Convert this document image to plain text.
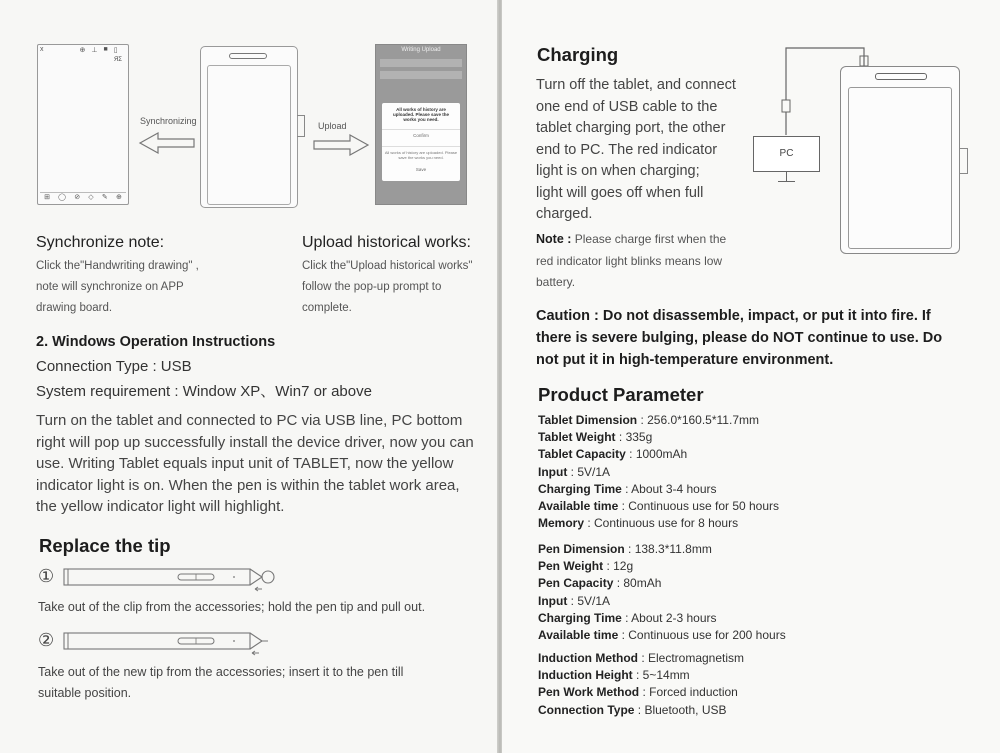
x	⊕ ⊥ ■ ▯
ЯΣ
⊞ ◯ ⊘ ◇ ✎ ⊕
Synchronizing	Upload
Writing Upload
All works of history are
uploaded. Please save the
works you need.
Confirm
All works of history are uploaded. Please
save the works you need.
Save
Synchronize note:
Click the"Handwriting drawing" ,
note will synchronize on APP
drawing board.
Upload historical works:
Click the"Upload historical works"
follow the pop-up prompt to
complete.
2. Windows Operation Instructions
Connection Type : USB
System requirement : Window XP、Win7 or above
Turn on the tablet and connected to PC via USB line, PC bottom
right will pop up successfully install the device driver, now you can
use. Writing Tablet equals input unit of TABLET, now the yellow
indicator light is on. When the pen is within the tablet work area,
the yellow indicator light will highlight.
Replace the tip
①
Take out of the clip from the accessories; hold the pen tip and pull out.
②
Take out of the new tip from the accessories; insert it to the pen till
suitable position.
Charging
Turn off the tablet, and connect
one end of USB cable to the
tablet charging port, the other
end to PC. The red indicator
light is on when charging;
light will goes off when full
charged.
PC
Note : Please charge first when the
red indicator light blinks means low
battery.
Caution : Do not disassemble, impact, or put it into fire. If
there is severe bulging, please do NOT continue to use. Do
not put it in high-temperature environment.
Product Parameter
Tablet Dimension : 256.0*160.5*11.7mm
Tablet Weight : 335g
Tablet Capacity : 1000mAh
Input : 5V/1A
Charging Time : About 3-4 hours
Available time : Continuous use for 50 hours
Memory : Continuous use for 8 hours
Pen Dimension : 138.3*11.8mm
Pen Weight : 12g
Pen Capacity : 80mAh
Input : 5V/1A
Charging Time : About 2-3 hours
Available time : Continuous use for 200 hours
Induction Method : Electromagnetism
Induction Height : 5~14mm
Pen Work Method : Forced induction
Connection Type : Bluetooth, USB
